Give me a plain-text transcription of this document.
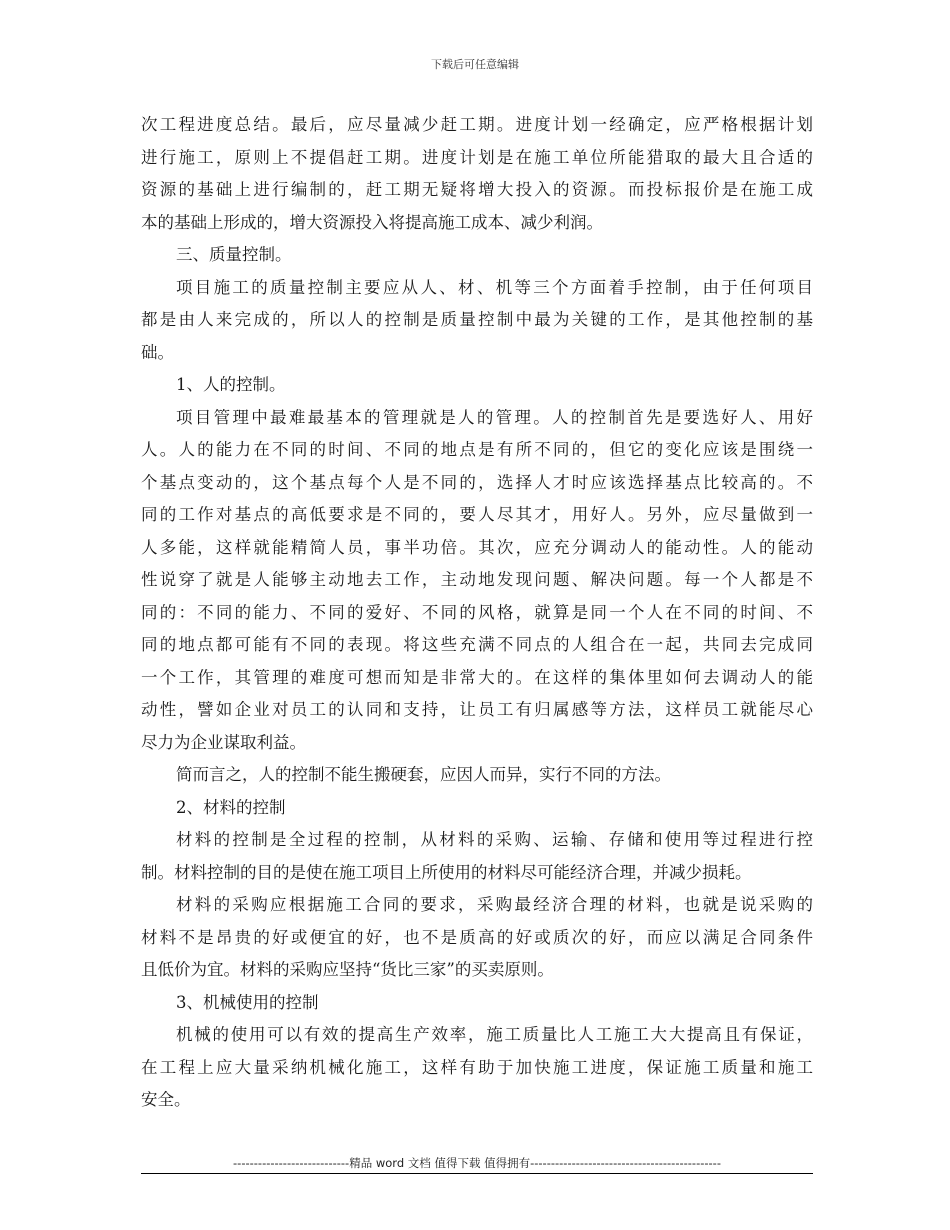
下载后可任意编辑
次工程进度总结。最后，应尽量减少赶工期。进度计划一经确定，应严格根据计划
进行施工，原则上不提倡赶工期。进度计划是在施工单位所能猎取的最大且合适的
资源的基础上进行编制的，赶工期无疑将增大投入的资源。而投标报价是在施工成
本的基础上形成的，增大资源投入将提高施工成本、减少利润。
三、质量控制。
项目施工的质量控制主要应从人、材、机等三个方面着手控制，由于任何项目
都是由人来完成的，所以人的控制是质量控制中最为关键的工作，是其他控制的基
础。
1、人的控制。
项目管理中最难最基本的管理就是人的管理。人的控制首先是要选好人、用好
人。人的能力在不同的时间、不同的地点是有所不同的，但它的变化应该是围绕一
个基点变动的，这个基点每个人是不同的，选择人才时应该选择基点比较高的。不
同的工作对基点的高低要求是不同的，要人尽其才，用好人。另外，应尽量做到一
人多能，这样就能精简人员，事半功倍。其次，应充分调动人的能动性。人的能动
性说穿了就是人能够主动地去工作，主动地发现问题、解决问题。每一个人都是不
同的：不同的能力、不同的爱好、不同的风格，就算是同一个人在不同的时间、不
同的地点都可能有不同的表现。将这些充满不同点的人组合在一起，共同去完成同
一个工作，其管理的难度可想而知是非常大的。在这样的集体里如何去调动人的能
动性，譬如企业对员工的认同和支持，让员工有归属感等方法，这样员工就能尽心
尽力为企业谋取利益。
简而言之，人的控制不能生搬硬套，应因人而异，实行不同的方法。
2、材料的控制
材料的控制是全过程的控制，从材料的采购、运输、存储和使用等过程进行控
制。材料控制的目的是使在施工项目上所使用的材料尽可能经济合理，并减少损耗。
材料的采购应根据施工合同的要求，采购最经济合理的材料，也就是说采购的
材料不是昂贵的好或便宜的好，也不是质高的好或质次的好，而应以满足合同条件
且低价为宜。材料的采购应坚持“货比三家”的买卖原则。
3、机械使用的控制
机械的使用可以有效的提高生产效率，施工质量比人工施工大大提高且有保证，
在工程上应大量采纳机械化施工，这样有助于加快施工进度，保证施工质量和施工
安全。
----------------------------精品 word 文档 值得下载 值得拥有----------------------------------------------
